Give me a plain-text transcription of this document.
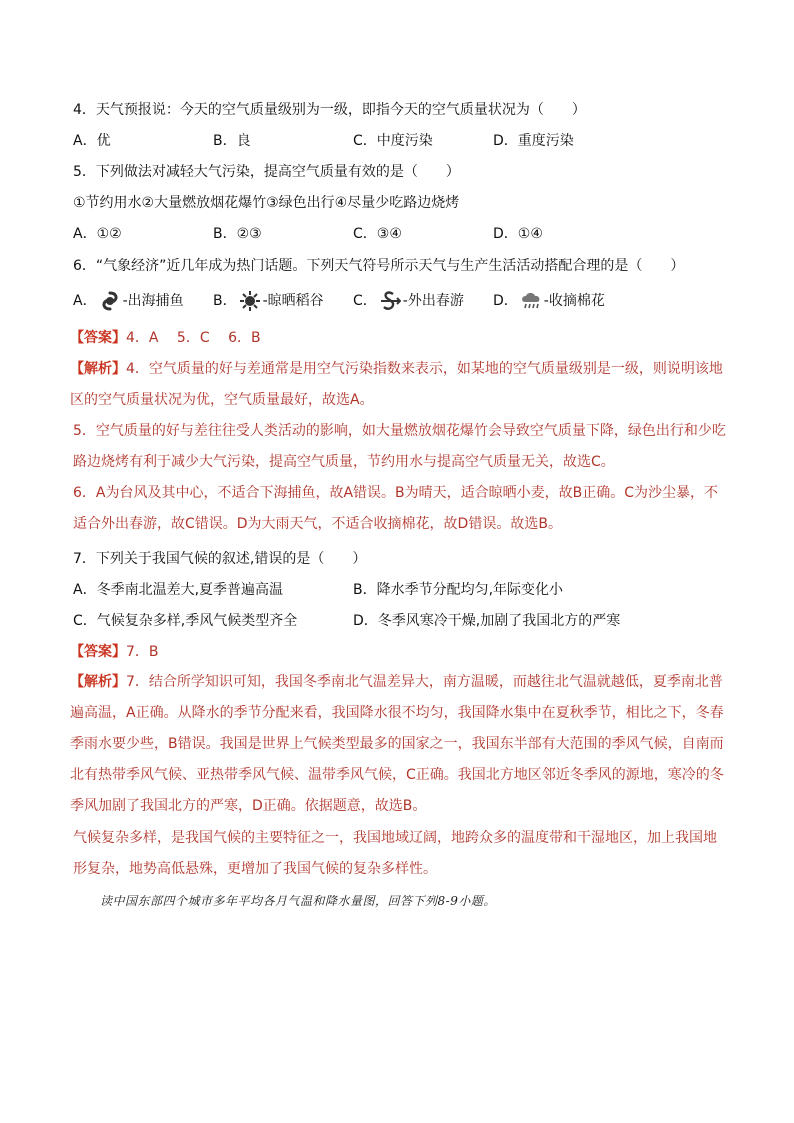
4．天气预报说：今天的空气质量级别为一级，即指今天的空气质量状况为（　　）
A．优	B．良	C．中度污染	D．重度污染
5．下列做法对减轻大气污染，提高空气质量有效的是（　　）
①节约用水②大量燃放烟花爆竹③绿色出行④尽量少吃路边烧烤
A．①②	B．②③	C．③④	D．①④
6．“气象经济”近几年成为热门话题。下列天气符号所示天气与生产生活活动搭配合理的是（　　）
A． -出海捕鱼 B． -晾晒稻谷 C． -外出春游 D． -收摘棉花
【答案】4．A　 5．C　 6．B
【解析】4．空气质量的好与差通常是用空气污染指数来表示，如某地的空气质量级别是一级，则说明该地区的空气质量状况为优，空气质量最好，故选A。
5．空气质量的好与差往往受人类活动的影响，如大量燃放烟花爆竹会导致空气质量下降，绿色出行和少吃路边烧烤有利于减少大气污染，提高空气质量，节约用水与提高空气质量无关，故选C。
6．A为台风及其中心，不适合下海捕鱼，故A错误。B为晴天，适合晾晒小麦，故B正确。C为沙尘暴，不适合外出春游，故C错误。D为大雨天气，不适合收摘棉花，故D错误。故选B。
7．下列关于我国气候的叙述,错误的是（　　）
A．冬季南北温差大,夏季普遍高温	B．降水季节分配均匀,年际变化小
C．气候复杂多样,季风气候类型齐全	D．冬季风寒冷干燥,加剧了我国北方的严寒
【答案】7．B
【解析】7．结合所学知识可知，我国冬季南北气温差异大，南方温暖，而越往北气温就越低，夏季南北普遍高温，A正确。从降水的季节分配来看，我国降水很不均匀，我国降水集中在夏秋季节，相比之下，冬春季雨水要少些，B错误。我国是世界上气候类型最多的国家之一，我国东半部有大范围的季风气候，自南而北有热带季风气候、亚热带季风气候、温带季风气候，C正确。我国北方地区邻近冬季风的源地，寒冷的冬季风加剧了我国北方的严寒，D正确。依据题意，故选B。
气候复杂多样，是我国气候的主要特征之一，我国地域辽阔，地跨众多的温度带和干湿地区，加上我国地形复杂，地势高低悬殊，更增加了我国气候的复杂多样性。
读中国东部四个城市多年平均各月气温和降水量图，回答下列8-9小题。
